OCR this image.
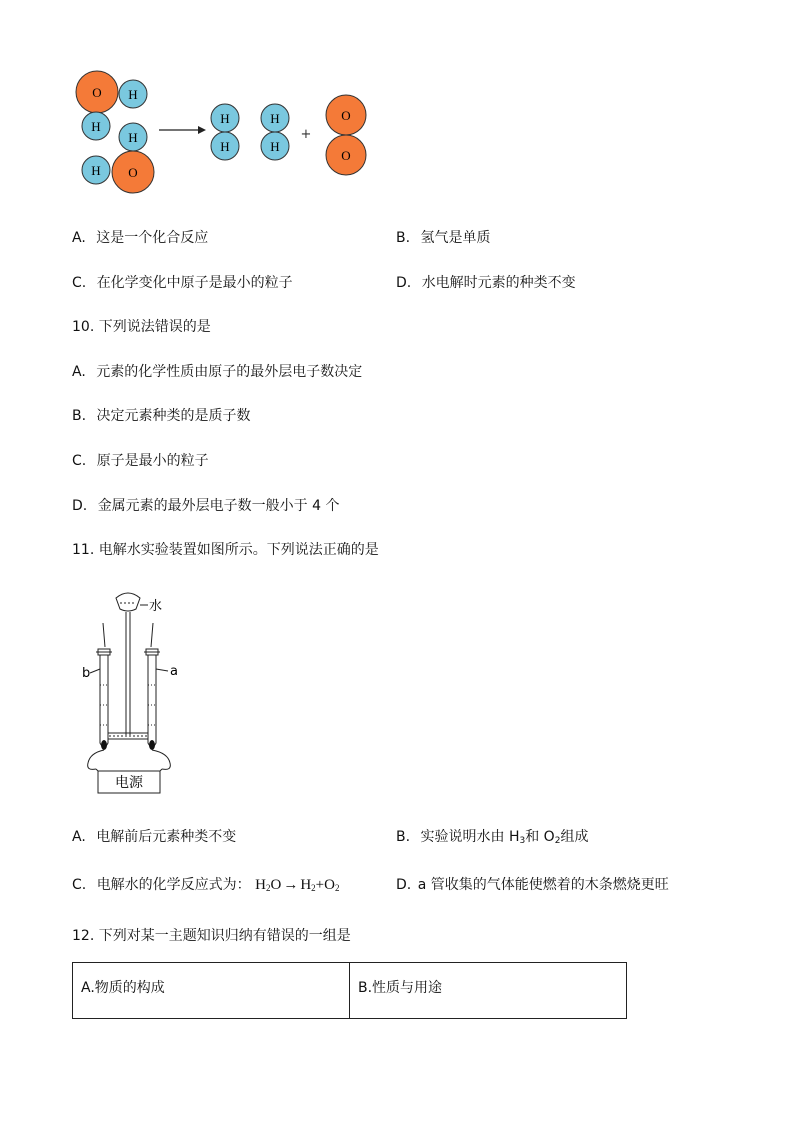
O H
H
H
H O
H
H
H
H
+
O
O
A. 这是一个化合反应	B. 氢气是单质
C. 在化学变化中原子是最小的粒子	D. 水电解时元素的种类不变
10. 下列说法错误的是
A. 元素的化学性质由原子的最外层电子数决定
B. 决定元素种类的是质子数
C. 原子是最小的粒子
D. 金属元素的最外层电子数一般小于 4 个
11. 电解水实验装置如图所示。下列说法正确的是
水
b	a
电源
A. 电解前后元素种类不变	B. 实验说明水由 $H_3$和 $O_2$组成
C. 电解水的化学反应式为： $H_2O \to H_2+O_2$	D. a 管收集的气体能使燃着的木条燃烧更旺
12. 下列对某一主题知识归纳有错误的一组是
A.物质的构成	B.性质与用途
